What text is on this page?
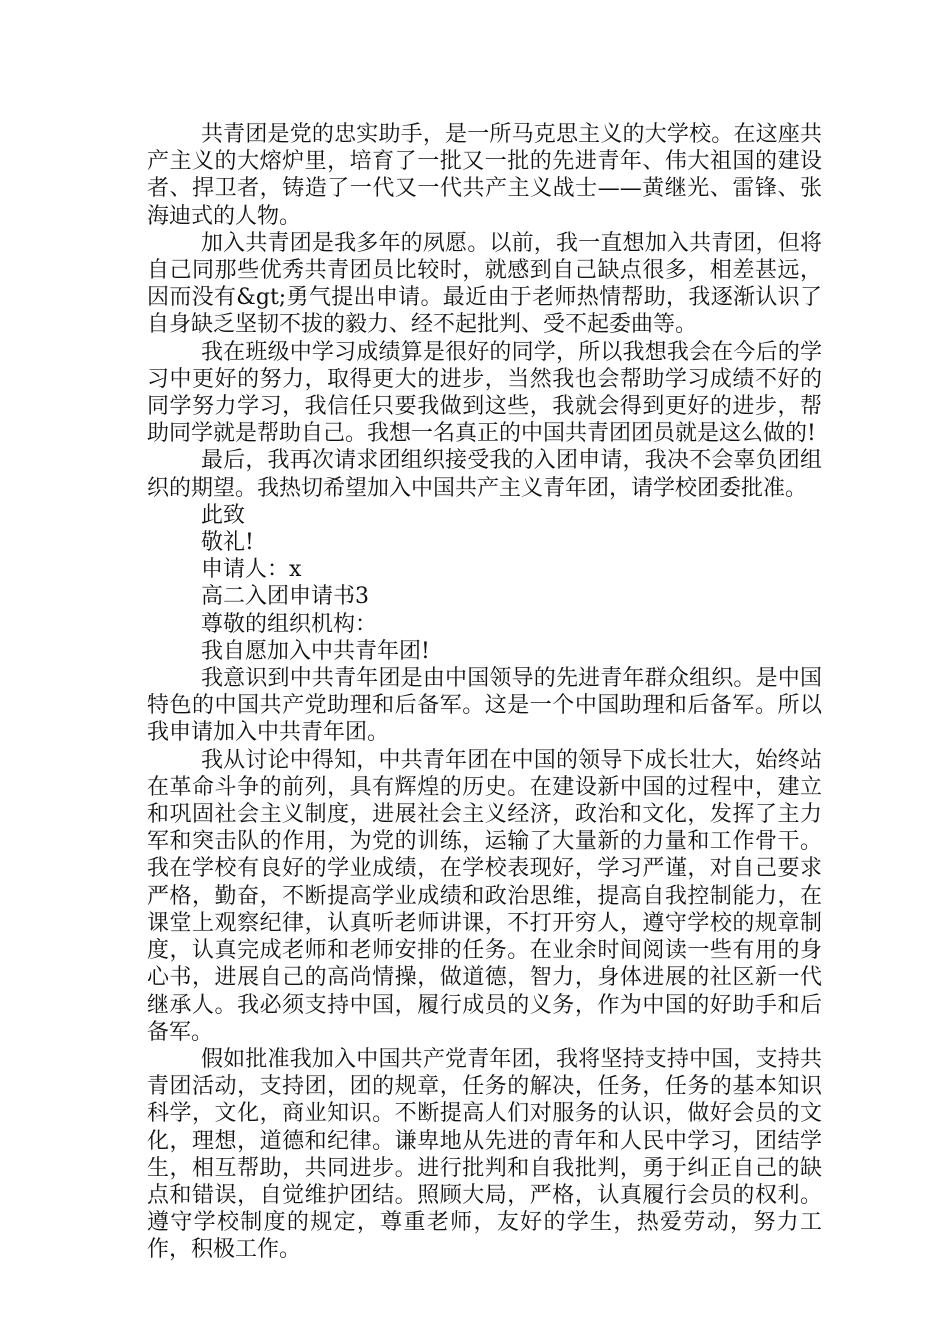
共青团是党的忠实助手，是一所马克思主义的大学校。在这座共产主义的大熔炉里，培育了一批又一批的先进青年、伟大祖国的建设者、捍卫者，铸造了一代又一代共产主义战士——黄继光、雷锋、张海迪式的人物。

加入共青团是我多年的夙愿。以前，我一直想加入共青团，但将自己同那些优秀共青团员比较时，就感到自己缺点很多，相差甚远，因而没有&gt;勇气提出申请。最近由于老师热情帮助，我逐渐认识了自身缺乏坚韧不拔的毅力、经不起批判、受不起委曲等。

我在班级中学习成绩算是很好的同学，所以我想我会在今后的学习中更好的努力，取得更大的进步，当然我也会帮助学习成绩不好的同学努力学习，我信任只要我做到这些，我就会得到更好的进步，帮助同学就是帮助自己。我想一名真正的中国共青团团员就是这么做的!

最后，我再次请求团组织接受我的入团申请，我决不会辜负团组织的期望。我热切希望加入中国共产主义青年团，请学校团委批准。

此致

敬礼!

申请人：x

高二入团申请书3

尊敬的组织机构：

我自愿加入中共青年团!

我意识到中共青年团是由中国领导的先进青年群众组织。是中国特色的中国共产党助理和后备军。这是一个中国助理和后备军。所以我申请加入中共青年团。

我从讨论中得知，中共青年团在中国的领导下成长壮大，始终站在革命斗争的前列，具有辉煌的历史。在建设新中国的过程中，建立和巩固社会主义制度，进展社会主义经济，政治和文化，发挥了主力军和突击队的作用，为党的训练，运输了大量新的力量和工作骨干。我在学校有良好的学业成绩，在学校表现好，学习严谨，对自己要求严格，勤奋，不断提高学业成绩和政治思维，提高自我控制能力，在课堂上观察纪律，认真听老师讲课，不打开穷人，遵守学校的规章制度，认真完成老师和老师安排的任务。在业余时间阅读一些有用的身心书，进展自己的高尚情操，做道德，智力，身体进展的社区新一代继承人。我必须支持中国，履行成员的义务，作为中国的好助手和后备军。

假如批准我加入中国共产党青年团，我将坚持支持中国，支持共青团活动，支持团，团的规章，任务的解决，任务，任务的基本知识科学，文化，商业知识。不断提高人们对服务的认识，做好会员的文化，理想，道德和纪律。谦卑地从先进的青年和人民中学习，团结学生，相互帮助，共同进步。进行批判和自我批判，勇于纠正自己的缺点和错误，自觉维护团结。照顾大局，严格，认真履行会员的权利。遵守学校制度的规定，尊重老师，友好的学生，热爱劳动，努力工作，积极工作。
